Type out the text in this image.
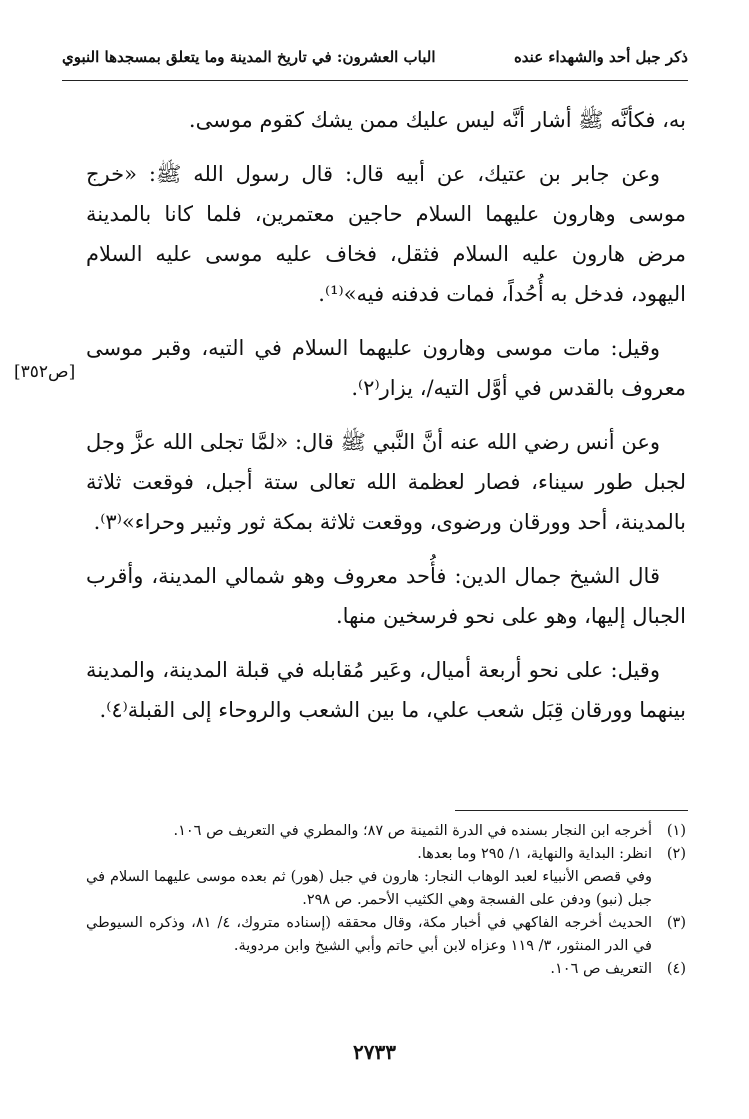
ذكر جبل أحد والشهداء عنده
الباب العشرون: في تاريخ المدينة وما يتعلق بمسجدها النبوي
[ص٣٥٢]

به، فكأنَّه ﷺ أشار أنَّه ليس عليك ممن يشك كقوم موسى.

وعن جابر بن عتيك، عن أبيه قال: قال رسول الله ﷺ: «خرج موسى وهارون عليهما السلام حاجين معتمرين، فلما كانا بالمدينة مرض هارون عليه السلام فثقل، فخاف عليه موسى عليه السلام اليهود، فدخل به أُحُداً، فمات فدفنه فيه»⁽¹⁾.

وقيل: مات موسى وهارون عليهما السلام في التيه، وقبر موسى معروف بالقدس في أوَّل التيه/، يزار⁽٢⁾.

وعن أنس رضي الله عنه أنَّ النَّبي ﷺ قال: «لمَّا تجلى الله عزَّ وجل لجبل طور سيناء، فصار لعظمة الله تعالى ستة أجبل، فوقعت ثلاثة بالمدينة، أحد وورقان ورضوى، ووقعت ثلاثة بمكة ثور وثبير وحراء»⁽٣⁾.

قال الشيخ جمال الدين: فأُحد معروف وهو شمالي المدينة، وأقرب الجبال إليها، وهو على نحو فرسخين منها.

وقيل: على نحو أربعة أميال، وعَير مُقابله في قبلة المدينة، والمدينة بينهما وورقان قِبَل شعب علي، ما بين الشعب والروحاء إلى القبلة⁽٤⁾.

(١)
أخرجه ابن النجار بسنده في الدرة الثمينة ص ٨٧؛ والمطري في التعريف ص ١٠٦.
(٢)
انظر: البداية والنهاية، ١/ ٢٩٥ وما بعدها.
وفي قصص الأنبياء لعبد الوهاب النجار: هارون في جبل (هور) ثم بعده موسى عليهما السلام في جبل (نبو) ودفن على الفسجة وهي الكثيب الأحمر. ص ٢٩٨.
(٣)
الحديث أخرجه الفاكهي في أخبار مكة، وقال محققه (إسناده متروك، ٤/ ٨١، وذكره السيوطي في الدر المنثور، ٣/ ١١٩ وعزاه لابن أبي حاتم وأبي الشيخ وابن مردوية.
(٤)
التعريف ص ١٠٦.
٢٧٣٣
